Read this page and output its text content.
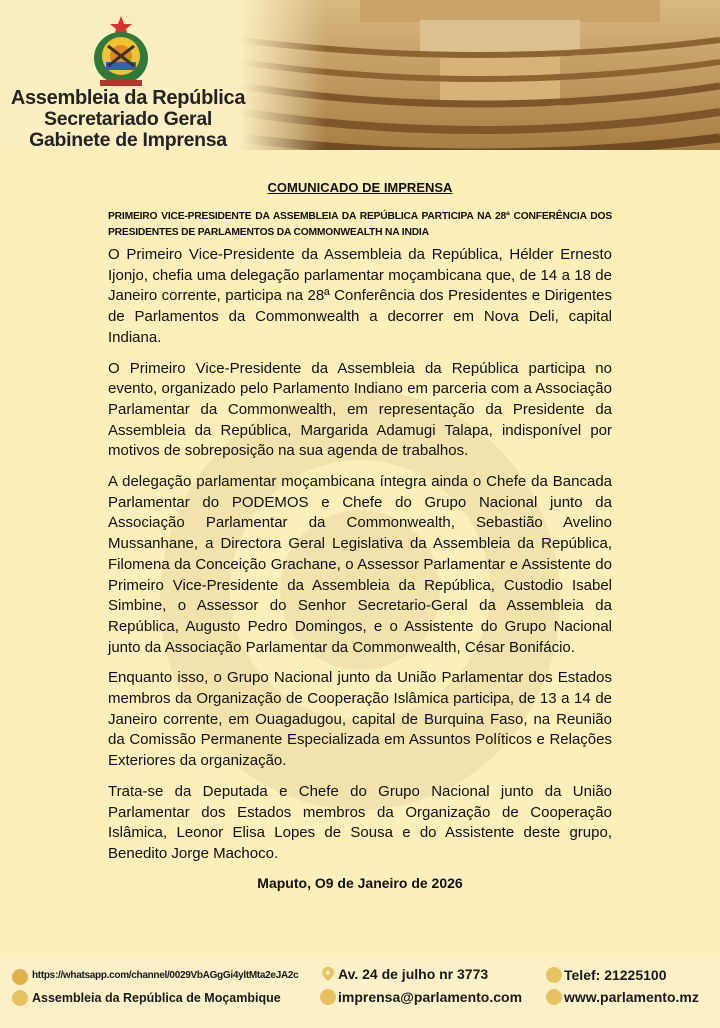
Assembleia da República
Secretariado Geral
Gabinete de Imprensa
COMUNICADO DE IMPRENSA
PRIMEIRO VICE-PRESIDENTE DA ASSEMBLEIA DA REPÚBLICA PARTICIPA NA 28ª CONFERÊNCIA DOS PRESIDENTES DE PARLAMENTOS DA COMMONWEALTH NA INDIA

O Primeiro Vice-Presidente da Assembleia da República, Hélder Ernesto Ijonjo, chefia uma delegação parlamentar moçambicana que, de 14 a 18 de Janeiro corrente, participa na 28ª Conferência dos Presidentes e Dirigentes de Parlamentos da Commonwealth a decorrer em Nova Deli, capital Indiana.

O Primeiro Vice-Presidente da Assembleia da República participa no evento, organizado pelo Parlamento Indiano em parceria com a Associação Parlamentar da Commonwealth, em representação da Presidente da Assembleia da República, Margarida Adamugi Talapa, indisponível por motivos de sobreposição na sua agenda de trabalhos.

A delegação parlamentar moçambicana íntegra ainda o Chefe da Bancada Parlamentar do PODEMOS e Chefe do Grupo Nacional junto da Associação Parlamentar da Commonwealth, Sebastião Avelino Mussanhane, a Directora Geral Legislativa da Assembleia da República, Filomena da Conceição Grachane, o Assessor Parlamentar e Assistente do Primeiro Vice-Presidente da Assembleia da República, Custodio Isabel Simbine, o Assessor do Senhor Secretario-Geral da Assembleia da República, Augusto Pedro Domingos, e o Assistente do Grupo Nacional junto da Associação Parlamentar da Commonwealth, César Bonifácio.

Enquanto isso, o Grupo Nacional junto da União Parlamentar dos Estados membros da Organização de Cooperação Islâmica participa, de 13 a 14 de Janeiro corrente, em Ouagadugou, capital de Burquina Faso, na Reunião da Comissão Permanente Especializada em Assuntos Políticos e Relações Exteriores da organização.

Trata-se da Deputada e Chefe do Grupo Nacional junto da União Parlamentar dos Estados membros da Organização de Cooperação Islâmica, Leonor Elisa Lopes de Sousa e do Assistente deste grupo, Benedito Jorge Machoco.

Maputo, O9 de Janeiro de 2026
https://whatsapp.com/channel/0029VbAGgGi4yltMta2eJA2c
Assembleia da República de Moçambique
Av. 24 de julho nr 3773
imprensa@parlamento.com
Telef: 21225100
www.parlamento.mz
